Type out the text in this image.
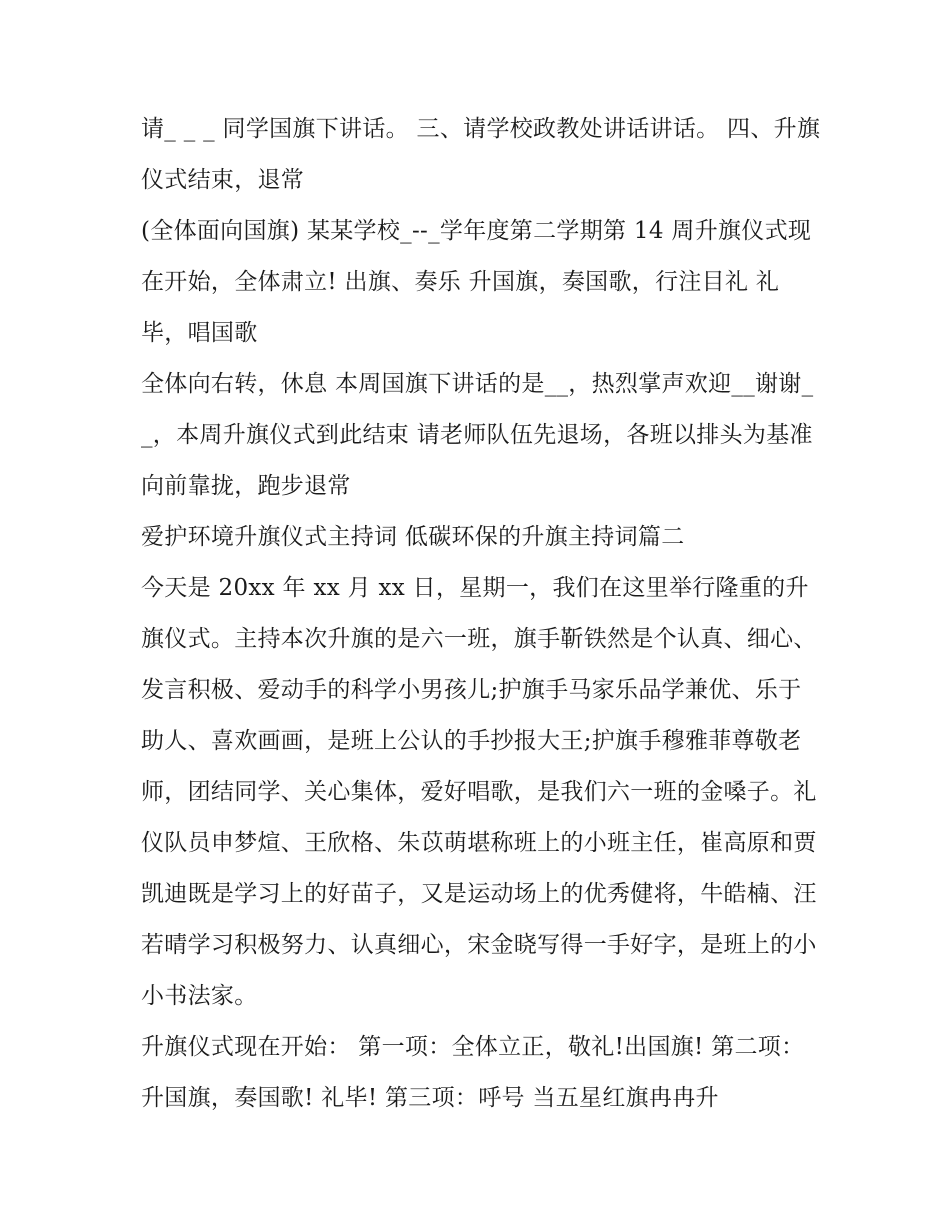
请_ _ _ 同学国旗下讲话。 三、请学校政教处讲话讲话。 四、升旗仪式结束，退常

(全体面向国旗) 某某学校_--_学年度第二学期第 14 周升旗仪式现在开始，全体肃立! 出旗、奏乐 升国旗，奏国歌，行注目礼 礼毕，唱国歌

全体向右转，休息 本周国旗下讲话的是__，热烈掌声欢迎__谢谢__，本周升旗仪式到此结束 请老师队伍先退场，各班以排头为基准向前靠拢，跑步退常

爱护环境升旗仪式主持词 低碳环保的升旗主持词篇二

今天是 20xx 年 xx 月 xx 日，星期一，我们在这里举行隆重的升旗仪式。主持本次升旗的是六一班，旗手靳铁然是个认真、细心、发言积极、爱动手的科学小男孩儿;护旗手马家乐品学兼优、乐于助人、喜欢画画，是班上公认的手抄报大王;护旗手穆雅菲尊敬老师，团结同学、关心集体，爱好唱歌，是我们六一班的金嗓子。礼仪队员申梦煊、王欣格、朱苡萌堪称班上的小班主任，崔高原和贾凯迪既是学习上的好苗子，又是运动场上的优秀健将，牛皓楠、汪若晴学习积极努力、认真细心，宋金晓写得一手好字，是班上的小小书法家。

升旗仪式现在开始： 第一项：全体立正，敬礼!出国旗! 第二项：升国旗，奏国歌! 礼毕! 第三项：呼号 当五星红旗冉冉升
